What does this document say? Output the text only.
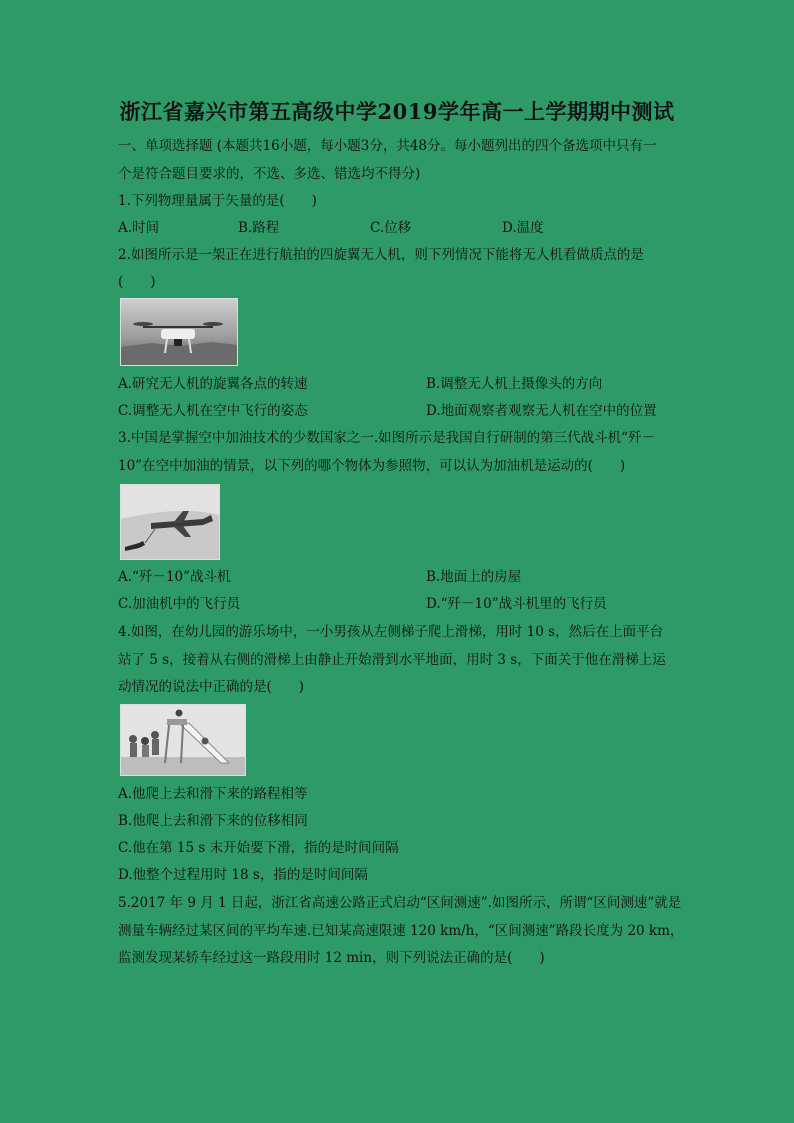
浙江省嘉兴市第五高级中学2019学年高一上学期期中测试
一、单项选择题 (本题共16小题，每小题3分，共48分。每小题列出的四个备选项中只有一
个是符合题目要求的，不选、多选、错选均不得分)
1.下列物理量属于矢量的是(　　)
A.时间	B.路程	C.位移	D.温度
2.如图所示是一架正在进行航拍的四旋翼无人机，则下列情况下能将无人机看做质点的是
(　　)
A.研究无人机的旋翼各点的转速	B.调整无人机上摄像头的方向
C.调整无人机在空中飞行的姿态	D.地面观察者观察无人机在空中的位置
3.中国是掌握空中加油技术的少数国家之一.如图所示是我国自行研制的第三代战斗机“歼－
10”在空中加油的情景，以下列的哪个物体为参照物，可以认为加油机是运动的(　　)
A.“歼－10”战斗机	B.地面上的房屋
C.加油机中的飞行员	D.“歼－10”战斗机里的飞行员
4.如图，在幼儿园的游乐场中，一小男孩从左侧梯子爬上滑梯，用时 10 s，然后在上面平台
站了 5 s，接着从右侧的滑梯上由静止开始滑到水平地面，用时 3 s，下面关于他在滑梯上运
动情况的说法中正确的是(　　)
A.他爬上去和滑下来的路程相等
B.他爬上去和滑下来的位移相同
C.他在第 15 s 末开始要下滑，指的是时间间隔
D.他整个过程用时 18 s，指的是时间间隔
5.2017 年 9 月 1 日起，浙江省高速公路正式启动“区间测速”.如图所示，所谓“区间测速”就是
测量车辆经过某区间的平均车速.已知某高速限速 120 km/h，“区间测速”路段长度为 20 km，
监测发现某轿车经过这一路段用时 12 min，则下列说法正确的是(　　)
